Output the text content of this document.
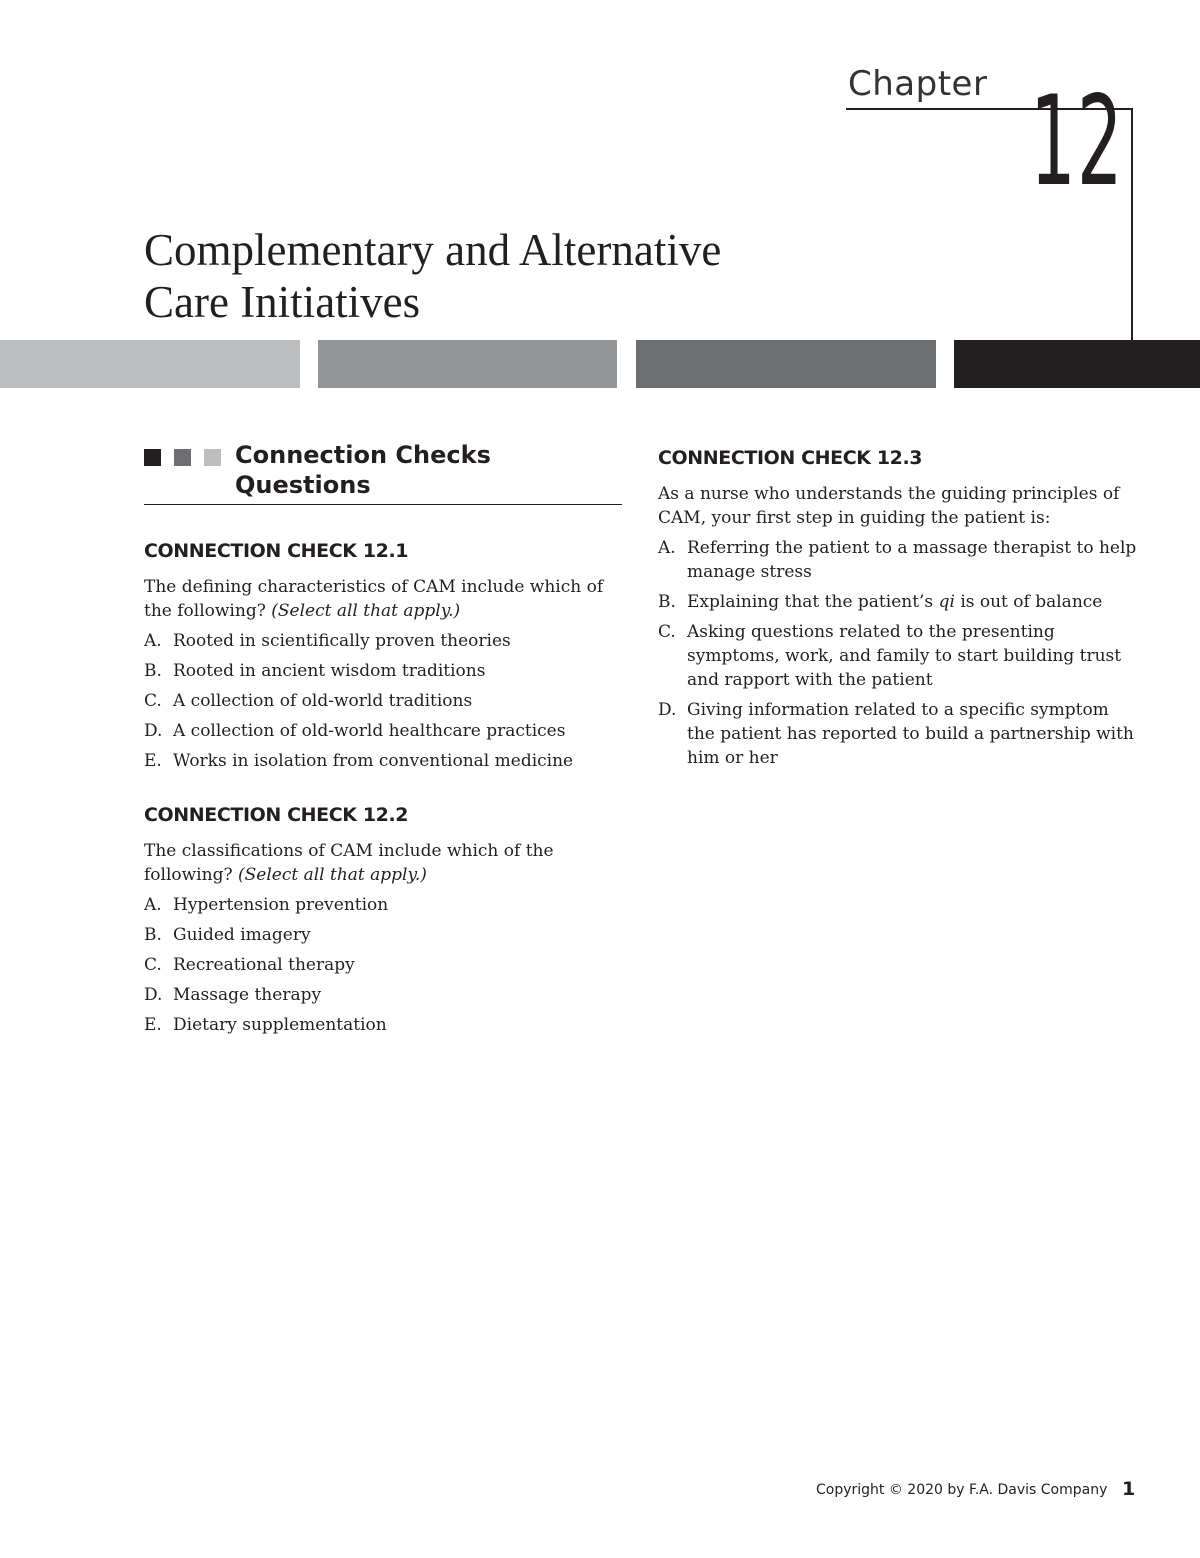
Chapter 12
Complementary and Alternative
Care Initiatives
Connection Checks
Questions
CONNECTION CHECK 12.1

The defining characteristics of CAM include which of the following? (Select all that apply.)

A. Rooted in scientifically proven theories
B. Rooted in ancient wisdom traditions
C. A collection of old-world traditions
D. A collection of old-world healthcare practices
E. Works in isolation from conventional medicine
CONNECTION CHECK 12.2

The classifications of CAM include which of the following? (Select all that apply.)

A. Hypertension prevention
B. Guided imagery
C. Recreational therapy
D. Massage therapy
E. Dietary supplementation
CONNECTION CHECK 12.3

As a nurse who understands the guiding principles of CAM, your first step in guiding the patient is:

A. Referring the patient to a massage therapist to help manage stress
B. Explaining that the patient’s qi is out of balance
C. Asking questions related to the presenting symptoms, work, and family to start building trust and rapport with the patient
D. Giving information related to a specific symptom the patient has reported to build a partnership with him or her
Copyright © 2020 by F.A. Davis Company 1
